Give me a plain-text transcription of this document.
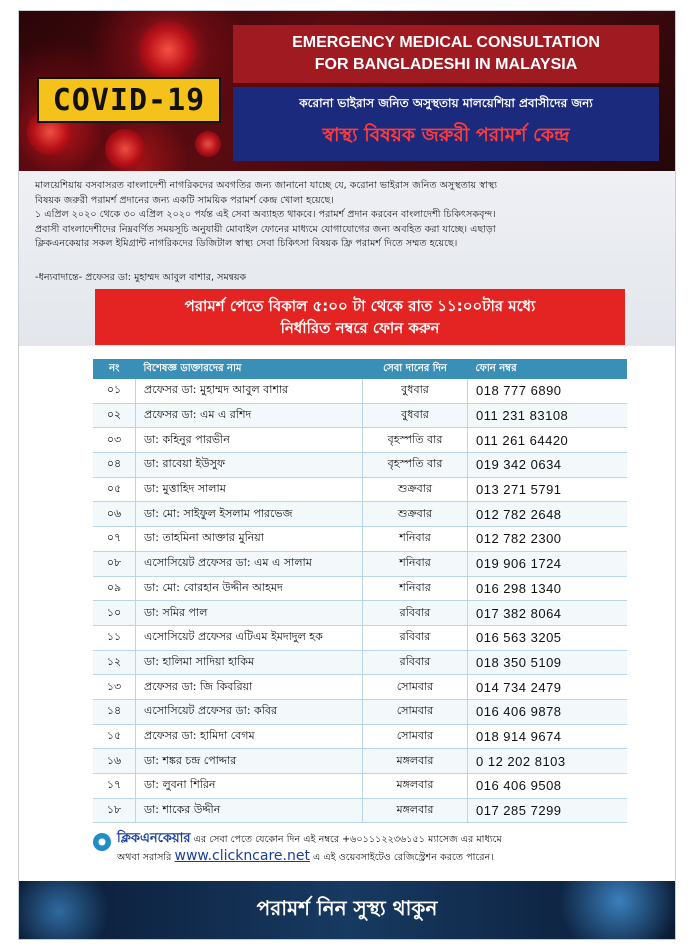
COVID-19
EMERGENCY MEDICAL CONSULTATION
FOR BANGLADESHI IN MALAYSIA
করোনা ভাইরাস জনিত অসুস্থতায় মালয়েশিয়া প্রবাসীদের জন্য
স্বাস্থ্য বিষয়ক জরুরী পরামর্শ কেন্দ্র

মালয়েশিয়ায় বসবাসরত বাংলাদেশী নাগরিকদের অবগতির জন্য জানানো যাচ্ছে যে, করোনা ভাইরাস জনিত অসুস্থতায় স্বাস্থ্য

বিষয়ক জরুরী পরামর্শ প্রদানের জন্য একটি সাময়িক পরামর্শ কেন্দ্র খোলা হয়েছে।

১ এপ্রিল ২০২০ থেকে ৩০ এপ্রিল ২০২০ পর্যন্ত এই সেবা অব্যাহত থাকবে। পরামর্শ প্রদান করবেন বাংলাদেশী চিকিৎসকবৃন্দ।

প্রবাসী বাংলাদেশীদের নিম্নবর্ণিত সময়সূচি অনুযায়ী মোবাইল ফোনের মাধ্যমে যোগাযোগের জন্য অবহিত করা যাচ্ছে। এছাড়া

ক্লিকএনকেয়ার সকল ইমিগ্রান্ট নাগরিকদের ডিজিটাল স্বাস্থ্য সেবা চিকিৎসা বিষয়ক ফ্রি পরামর্শ দিতে সম্মত হয়েছে।

-ধন্যবাদান্তে- প্রফেসর ডা: মুহাম্মদ আবুল বাশার, সমন্বয়ক

পরামর্শ পেতে বিকাল ৫:০০ টা থেকে রাত ১১:০০টার মধ্যে
নির্ধারিত নম্বরে ফোন করুন
নং	বিশেষজ্ঞ ডাক্তারদের নাম	সেবা দানের দিন	ফোন নম্বর
০১	প্রফেসর ডা: মুহাম্মদ আবুল বাশার	বুধবার	018 777 6890
০২	প্রফেসর ডা: এম এ রশিদ	বুধবার	011 231 83108
০৩	ডা: কহিনুর পারভীন	বৃহস্পতি বার	011 261 64420
০৪	ডা: রাবেয়া ইউসুফ	বৃহস্পতি বার	019 342 0634
০৫	ডা: মুত্তাহিদ সালাম	শুক্রবার	013 271 5791
০৬	ডা: মো: সাইফুল ইসলাম পারভেজ	শুক্রবার	012 782 2648
০৭	ডা: তাহমিনা আক্তার মুনিয়া	শনিবার	012 782 2300
০৮	এসোসিয়েট প্রফেসর ডা: এম এ সালাম	শনিবার	019 906 1724
০৯	ডা: মো: বোরহান উদ্দীন আহমদ	শনিবার	016 298 1340
১০	ডা: সমির পাল	রবিবার	017 382 8064
১১	এসোসিয়েট প্রফেসর এটিএম ইমদাদুল হক	রবিবার	016 563 3205
১২	ডা: হালিমা সাদিয়া হাকিম	রবিবার	018 350 5109
১৩	প্রফেসর ডা: জি কিবরিয়া	সোমবার	014 734 2479
১৪	এসোসিয়েট প্রফেসর ডা: কবির	সোমবার	016 406 9878
১৫	প্রফেসর ডা: হামিদা বেগম	সোমবার	018 914 9674
১৬	ডা: শঙ্কর চন্দ্র পোদ্দার	মঙ্গলবার	0 12 202 8103
১৭	ডা: লুবনা শিরিন	মঙ্গলবার	016 406 9508
১৮	ডা: শাকের উদ্দীন	মঙ্গলবার	017 285 7299
ক্লিকএনকেয়ার এর সেবা পেতে যেকোন দিন এই নম্বরে +৬০১১১২২৩৬১৫১ ম্যাসেজ এর মাধ্যমে
অথবা সরাসরি www.clickncare.net এ এই ওয়েবসাইটেও রেজিস্ট্রেশন করতে পারেন।
পরামর্শ নিন সুস্থ্য থাকুন
